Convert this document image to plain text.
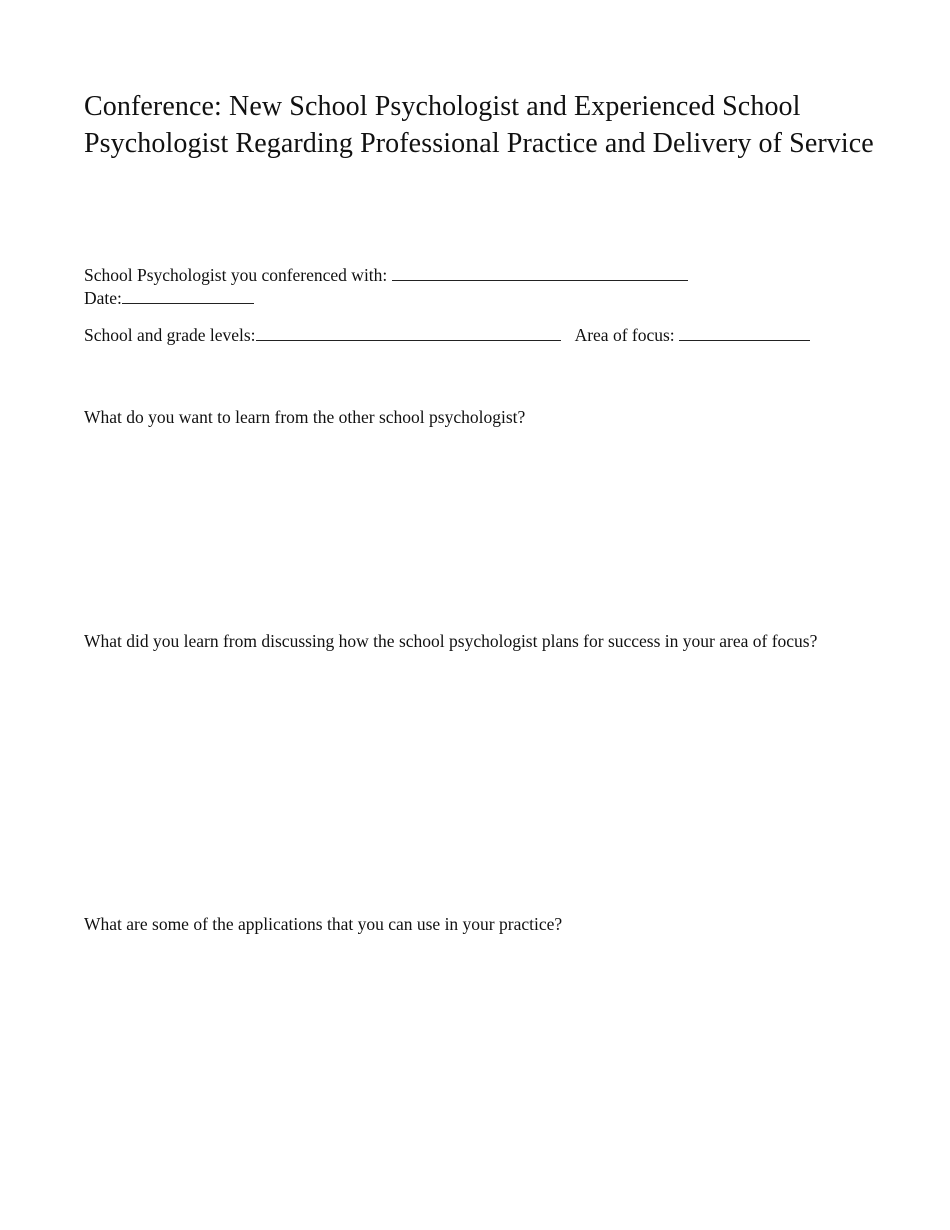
Conference: New School Psychologist and Experienced School Psychologist Regarding Professional Practice and Delivery of Service
School Psychologist you conferenced with:
Date:
School and grade levels:	Area of focus:

What do you want to learn from the other school psychologist?

What did you learn from discussing how the school psychologist plans for success in your area of focus?

What are some of the applications that you can use in your practice?
